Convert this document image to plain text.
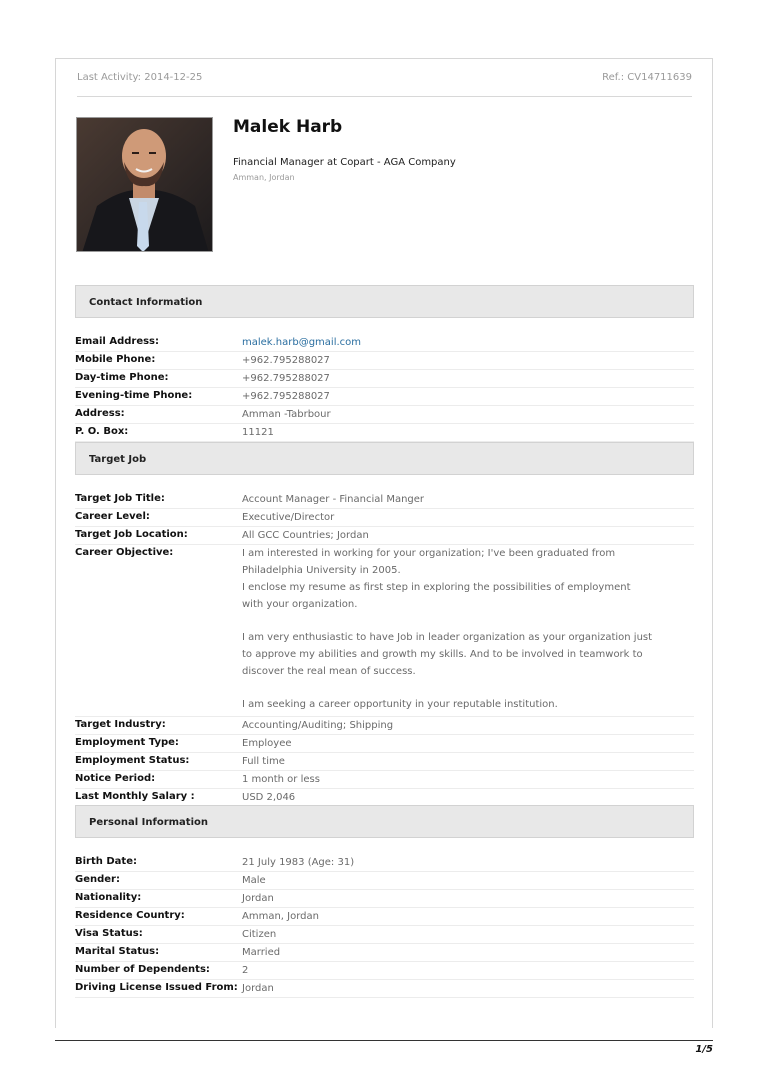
Last Activity: 2014-12-25	Ref.: CV14711639
Malek Harb
Financial Manager at Copart - AGA Company
Amman, Jordan
Contact Information
Email Address:	malek.harb@gmail.com
Mobile Phone:	+962.795288027
Day-time Phone:	+962.795288027
Evening-time Phone:	+962.795288027
Address:	Amman -Tabrbour
P. O. Box:	11121
Target Job
Target Job Title:	Account Manager - Financial Manger
Career Level:	Executive/Director
Target Job Location:	All GCC Countries; Jordan
Career Objective:	I am interested in working for your organization; I've been graduated from Philadelphia University in 2005.

I enclose my resume as first step in exploring the possibilities of employment with your organization.

I am very enthusiastic to have Job in leader organization as your organization just to approve my abilities and growth my skills. And to be involved in teamwork to discover the real mean of success.

I am seeking a career opportunity in your reputable institution.

Target Industry:	Accounting/Auditing; Shipping
Employment Type:	Employee
Employment Status:	Full time
Notice Period:	1 month or less
Last Monthly Salary :	USD 2,046
Personal Information
Birth Date:	21 July 1983 (Age: 31)
Gender:	Male
Nationality:	Jordan
Residence Country:	Amman, Jordan
Visa Status:	Citizen
Marital Status:	Married
Number of Dependents:	2
Driving License Issued From: Jordan
1/5
